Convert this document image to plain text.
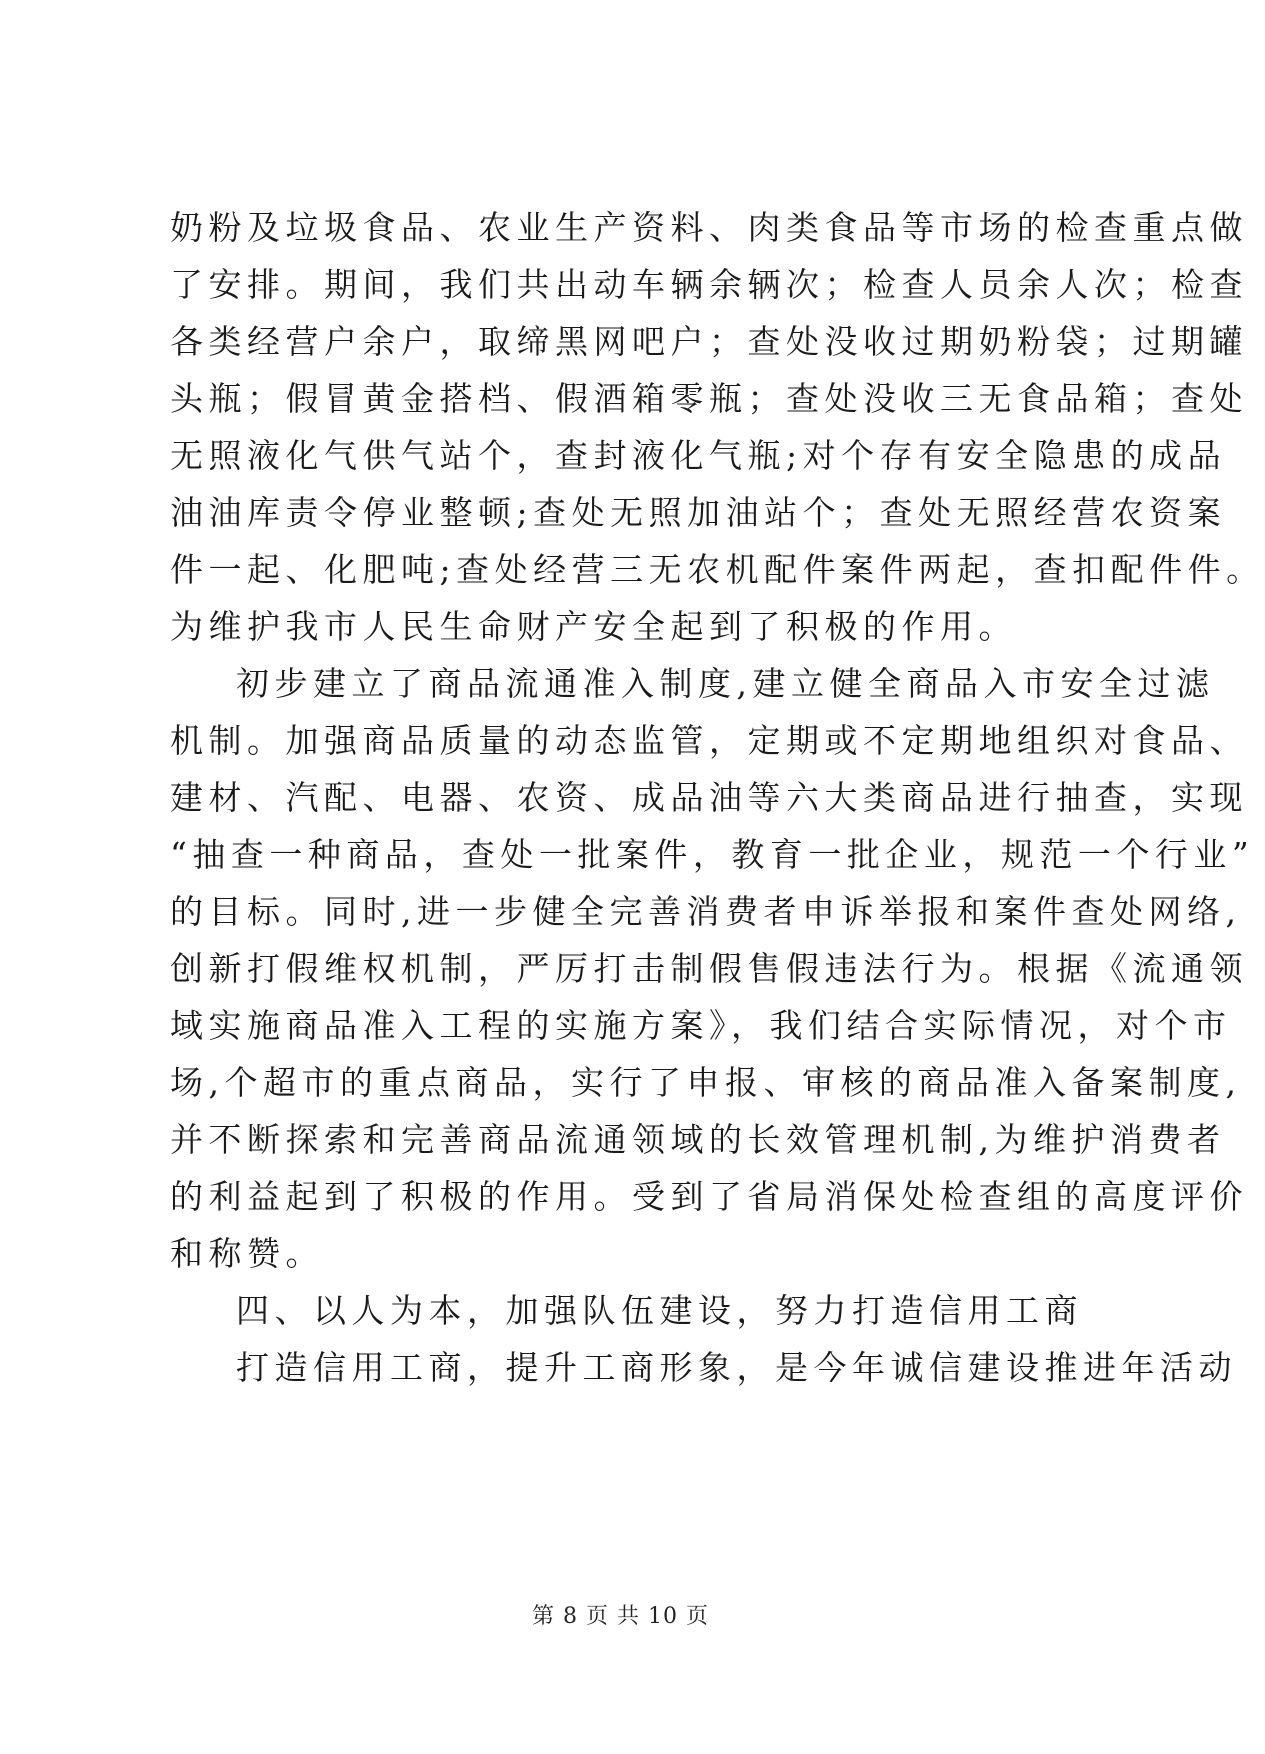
奶粉及垃圾食品、农业生产资料、肉类食品等市场的检查重点做
了安排。期间，我们共出动车辆余辆次；检查人员余人次；检查
各类经营户余户，取缔黑网吧户；查处没收过期奶粉袋；过期罐
头瓶；假冒黄金搭档、假酒箱零瓶；查处没收三无食品箱；查处
无照液化气供气站个，查封液化气瓶;对个存有安全隐患的成品
油油库责令停业整顿;查处无照加油站个；查处无照经营农资案
件一起、化肥吨;查处经营三无农机配件案件两起，查扣配件件。
为维护我市人民生命财产安全起到了积极的作用。
初步建立了商品流通准入制度,建立健全商品入市安全过滤
机制。加强商品质量的动态监管，定期或不定期地组织对食品、
建材、汽配、电器、农资、成品油等六大类商品进行抽查，实现
“抽查一种商品，查处一批案件，教育一批企业，规范一个行业”
的目标。同时,进一步健全完善消费者申诉举报和案件查处网络,
创新打假维权机制，严厉打击制假售假违法行为。根据《流通领
域实施商品准入工程的实施方案》，我们结合实际情况，对个市
场,个超市的重点商品，实行了申报、审核的商品准入备案制度,
并不断探索和完善商品流通领域的长效管理机制,为维护消费者
的利益起到了积极的作用。受到了省局消保处检查组的高度评价
和称赞。
四、以人为本，加强队伍建设，努力打造信用工商
打造信用工商，提升工商形象，是今年诚信建设推进年活动
第 8 页 共 10 页
